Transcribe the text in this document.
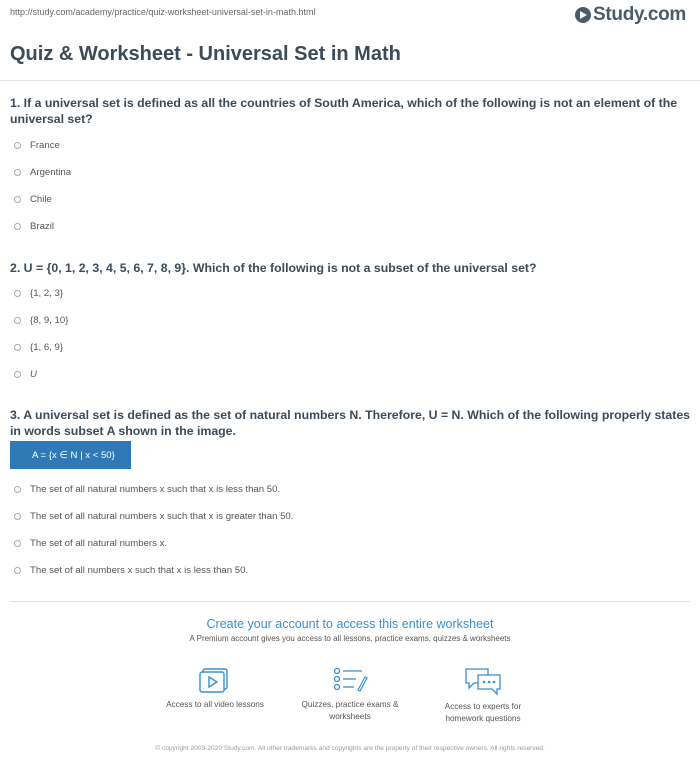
http://study.com/academy/practice/quiz-worksheet-universal-set-in-math.html	Study.com
Quiz & Worksheet - Universal Set in Math
1. If a universal set is defined as all the countries of South America, which of the following is not an element of the universal set?
France
Argentina
Chile
Brazil
2. U = {0, 1, 2, 3, 4, 5, 6, 7, 8, 9}. Which of the following is not a subset of the universal set?
{1, 2, 3}
{8, 9, 10}
{1, 6, 9}
U
3. A universal set is defined as the set of natural numbers N. Therefore, U = N. Which of the following properly states in words subset A shown in the image.
A = {x ∈ N | x < 50}
The set of all natural numbers x such that x is less than 50.
The set of all natural numbers x such that x is greater than 50.
The set of all natural numbers x.
The set of all numbers x such that x is less than 50.
Create your account to access this entire worksheet
A Premium account gives you access to all lessons, practice exams, quizzes & worksheets
Access to all video lessons	Quizzes, practice exams & worksheets
Access to experts for homework questions
© copyright 2003-2020 Study.com. All other trademarks and copyrights are the property of their respective owners. All rights reserved.
